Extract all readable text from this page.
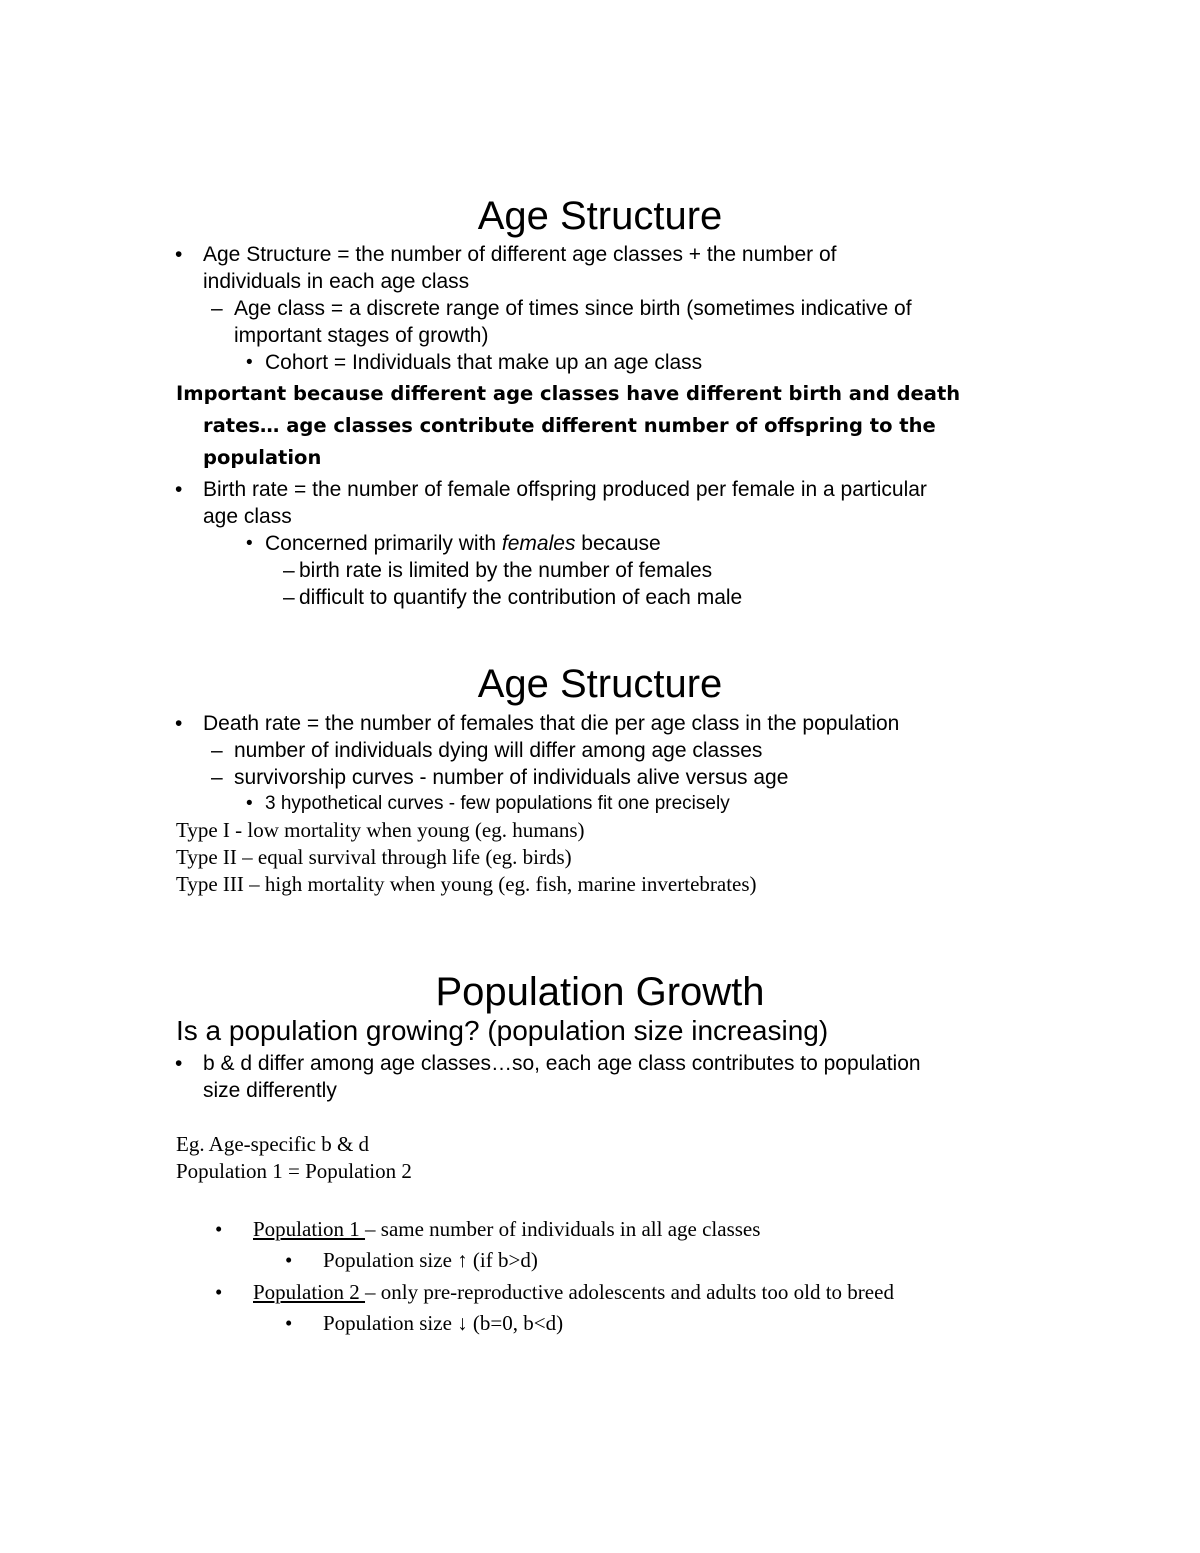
Age Structure
• Age Structure = the number of different age classes + the number of
individuals in each age class
– Age class = a discrete range of times since birth (sometimes indicative of
important stages of growth)
• Cohort = Individuals that make up an age class
Important because different age classes have different birth and death
rates… age classes contribute different number of offspring to the
population
• Birth rate = the number of female offspring produced per female in a particular
age class
• Concerned primarily with females because
– birth rate is limited by the number of females
– difficult to quantify the contribution of each male
Age Structure
• Death rate = the number of females that die per age class in the population
– number of individuals dying will differ among age classes
– survivorship curves - number of individuals alive versus age
• 3 hypothetical curves - few populations fit one precisely
Type I - low mortality when young (eg. humans)
Type II – equal survival through life (eg. birds)
Type III – high mortality when young (eg. fish, marine invertebrates)
Population Growth
Is a population growing? (population size increasing)
• b & d differ among age classes…so, each age class contributes to population
size differently
Eg. Age-specific b & d
Population 1 = Population 2
• Population 1 – same number of individuals in all age classes
• Population size ↑ (if b>d)
• Population 2 – only pre-reproductive adolescents and adults too old to breed
• Population size ↓ (b=0, b<d)
